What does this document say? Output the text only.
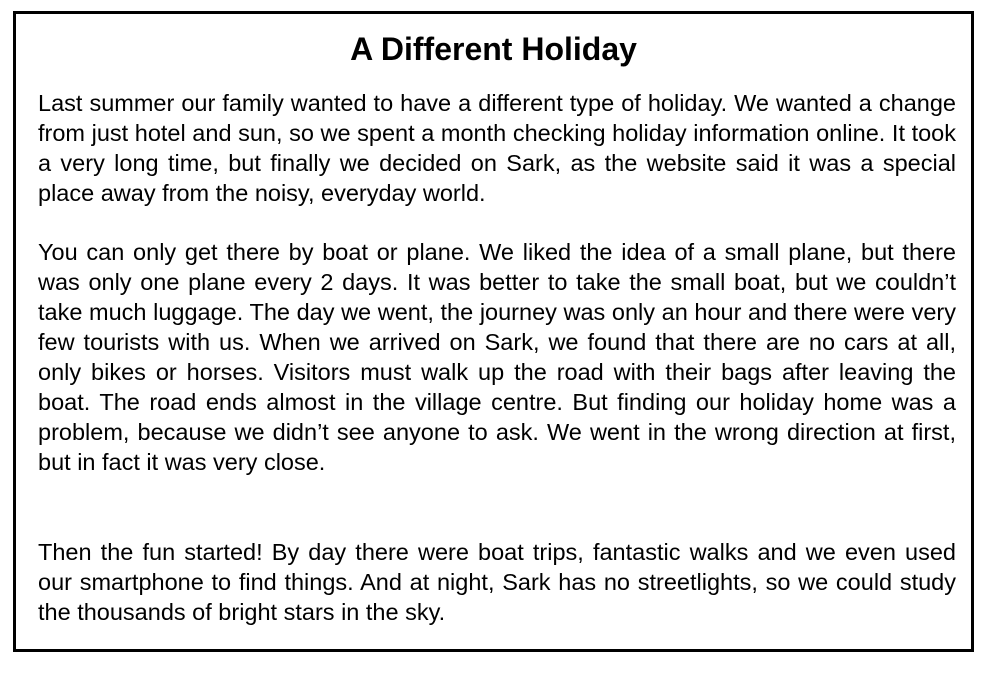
A Different Holiday

Last summer our family wanted to have a different type of holiday. We wanted a change from just hotel and sun, so we spent a month checking holiday information online. It took a very long time, but finally we decided on Sark, as the website said it was a special place away from the noisy, everyday world.

You can only get there by boat or plane. We liked the idea of a small plane, but there was only one plane every 2 days. It was better to take the small boat, but we couldn’t take much luggage. The day we went, the journey was only an hour and there were very few tourists with us. When we arrived on Sark, we found that there are no cars at all, only bikes or horses. Visitors must walk up the road with their bags after leaving the boat. The road ends almost in the village centre. But finding our holiday home was a problem, because we didn’t see anyone to ask. We went in the wrong direction at first, but in fact it was very close.

Then the fun started! By day there were boat trips, fantastic walks and we even used our smartphone to find things. And at night, Sark has no streetlights, so we could study the thousands of bright stars in the sky.
